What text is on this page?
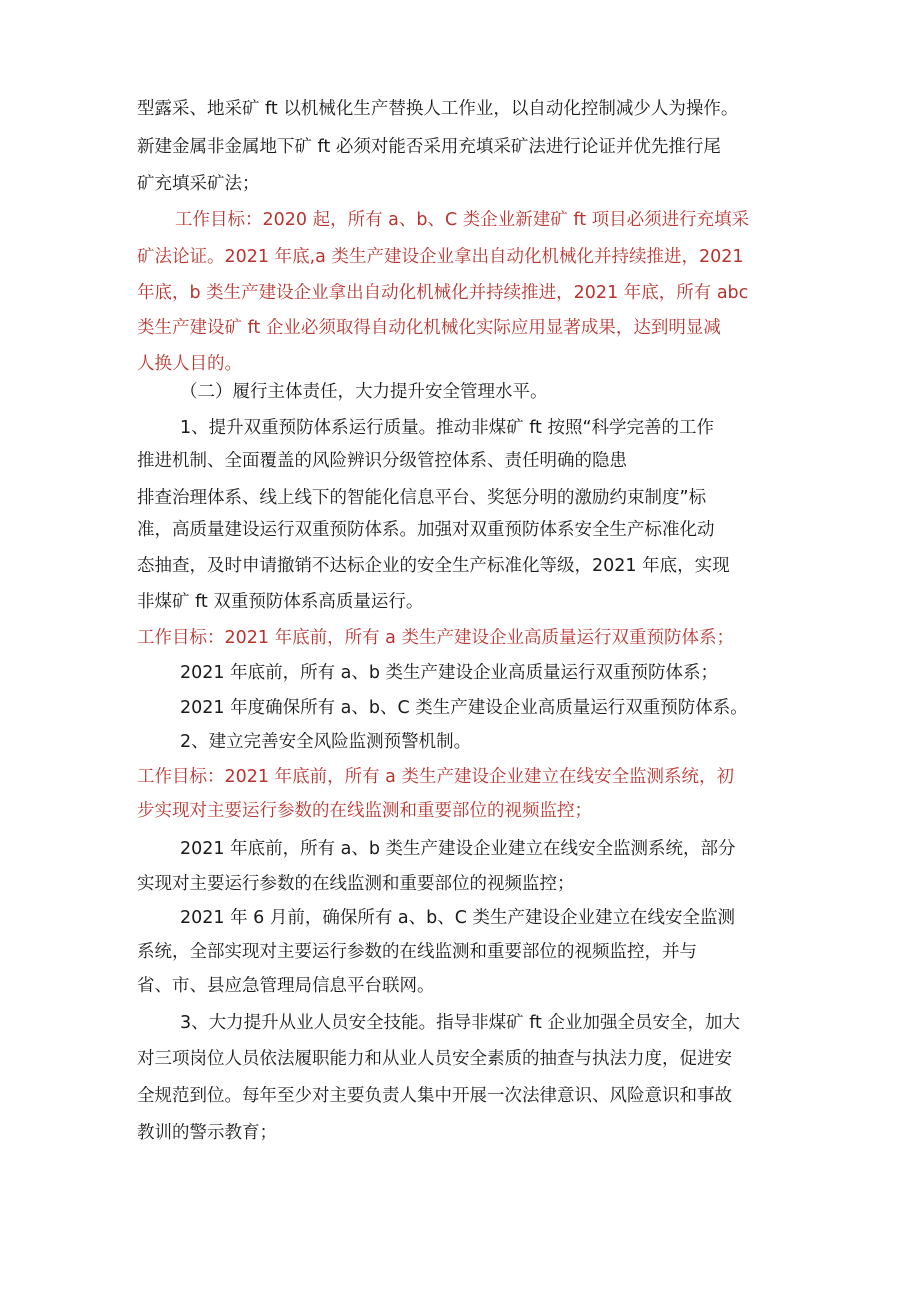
型露采、地采矿 ft 以机械化生产替换人工作业，以自动化控制减少人为操作。
新建金属非金属地下矿 ft 必须对能否采用充填采矿法进行论证并优先推行尾
矿充填采矿法；
工作目标：2020 起，所有 a、b、C 类企业新建矿 ft 项目必须进行充填采
矿法论证。2021 年底,a 类生产建设企业拿出自动化机械化并持续推进，2021
年底，b 类生产建设企业拿出自动化机械化并持续推进，2021 年底，所有 abc
类生产建设矿 ft 企业必须取得自动化机械化实际应用显著成果，达到明显减
人换人目的。
（二）履行主体责任，大力提升安全管理水平。
1、提升双重预防体系运行质量。推动非煤矿 ft 按照“科学完善的工作
推进机制、全面覆盖的风险辨识分级管控体系、责任明确的隐患
排查治理体系、线上线下的智能化信息平台、奖惩分明的激励约束制度”标
准，高质量建设运行双重预防体系。加强对双重预防体系安全生产标准化动
态抽查，及时申请撤销不达标企业的安全生产标准化等级，2021 年底，实现
非煤矿 ft 双重预防体系高质量运行。
工作目标：2021 年底前，所有 a 类生产建设企业高质量运行双重预防体系；
2021 年底前，所有 a、b 类生产建设企业高质量运行双重预防体系；
2021 年度确保所有 a、b、C 类生产建设企业高质量运行双重预防体系。
2、建立完善安全风险监测预警机制。
工作目标：2021 年底前，所有 a 类生产建设企业建立在线安全监测系统，初
步实现对主要运行参数的在线监测和重要部位的视频监控；
2021 年底前，所有 a、b 类生产建设企业建立在线安全监测系统，部分
实现对主要运行参数的在线监测和重要部位的视频监控；
2021 年 6 月前，确保所有 a、b、C 类生产建设企业建立在线安全监测
系统，全部实现对主要运行参数的在线监测和重要部位的视频监控，并与
省、市、县应急管理局信息平台联网。
3、大力提升从业人员安全技能。指导非煤矿 ft 企业加强全员安全，加大
对三项岗位人员依法履职能力和从业人员安全素质的抽查与执法力度，促进安
全规范到位。每年至少对主要负责人集中开展一次法律意识、风险意识和事故
教训的警示教育；
